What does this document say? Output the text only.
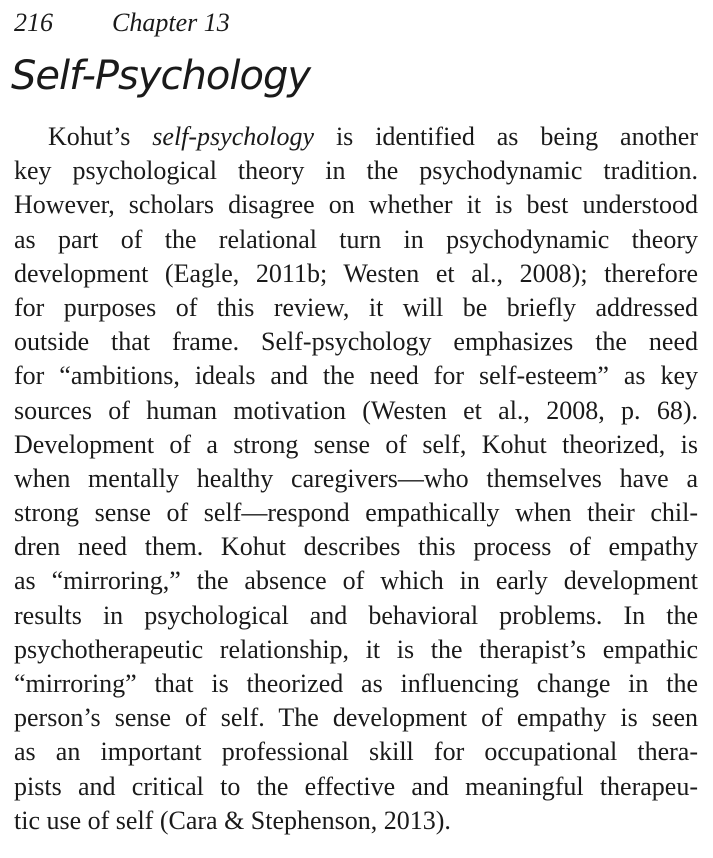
216 Chapter 13
Self-Psychology
Kohut’s self-psychology is identified as being another
key psychological theory in the psychodynamic tradition.
However, scholars disagree on whether it is best understood
as part of the relational turn in psychodynamic theory
development (Eagle, 2011b; Westen et al., 2008); therefore
for purposes of this review, it will be briefly addressed
outside that frame. Self-psychology emphasizes the need
for “ambitions, ideals and the need for self-esteem” as key
sources of human motivation (Westen et al., 2008, p. 68).
Development of a strong sense of self, Kohut theorized, is
when mentally healthy caregivers—who themselves have a
strong sense of self—respond empathically when their chil-
dren need them. Kohut describes this process of empathy
as “mirroring,” the absence of which in early development
results in psychological and behavioral problems. In the
psychotherapeutic relationship, it is the therapist’s empathic
“mirroring” that is theorized as influencing change in the
person’s sense of self. The development of empathy is seen
as an important professional skill for occupational thera-
pists and critical to the effective and meaningful therapeu-
tic use of self (Cara & Stephenson, 2013).
